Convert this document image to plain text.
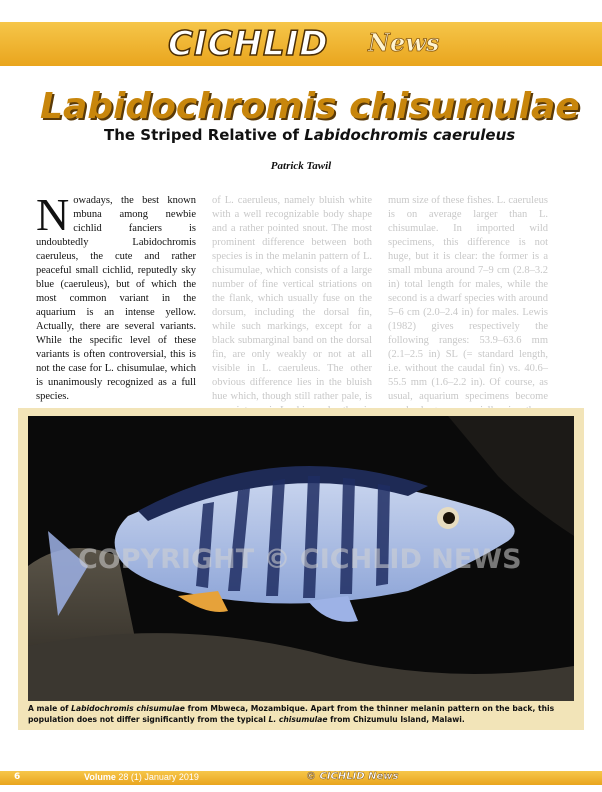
CICHLID News
Labidochromis chisumulae
The Striped Relative of Labidochromis caeruleus
Patrick Tawil
N owadays, the best known mbuna among newbie cichlid fanciers is undoubtedly Labidochromis caeruleus, the cute and rather peaceful small cichlid, reputedly sky blue (caeruleus), but of which the most common variant in the aquarium is an intense yellow. Actually, there are several variants. While the specific level of these variants is often controversial, this is not the case for L. chisumulae, which is unanimously recognized as a full species.
of L. caeruleus, namely bluish white with a well recognizable body shape and a rather pointed snout. The most prominent difference between both species is in the melanin pattern of L. chisumulae, which consists of a large number of fine vertical striations on the flank, which usually fuse on the dorsum, including the dorsal fin, while such markings, except for a black submarginal band on the dorsal fin, are only weakly or not at all visible in L. caeruleus. The other obvious difference lies in the bluish hue which, though still rather pale, is
mum size of these fishes. L. caeruleus is on average larger than L. chisumulae. In imported wild specimens, this difference is not huge, but it is clear: the former is a small mbuna around 7–9 cm (2.8–3.2 in) total length for males, while the second is a dwarf species with around 5–6 cm (2.0–2.4 in) for males. Lewis (1982) gives respectively the following ranges: 53.9–63.6 mm (2.1–2.5 in) SL (= standard length, i.e. without the caudal fin) vs. 40.6–55.5 mm (1.6–2.2 in). Of course, as usual, aquarium specimens become
COPYRIGHT © CICHLID NEWS
A male of Labidochromis chisumulae from Mbweca, Mozambique. Apart from the thinner melanin pattern on the back, this population does not differ significantly from the typical L. chisumulae from Chizumulu Island, Malawi.
6	Volume 28 (1) January 2019	© CICHLID News
